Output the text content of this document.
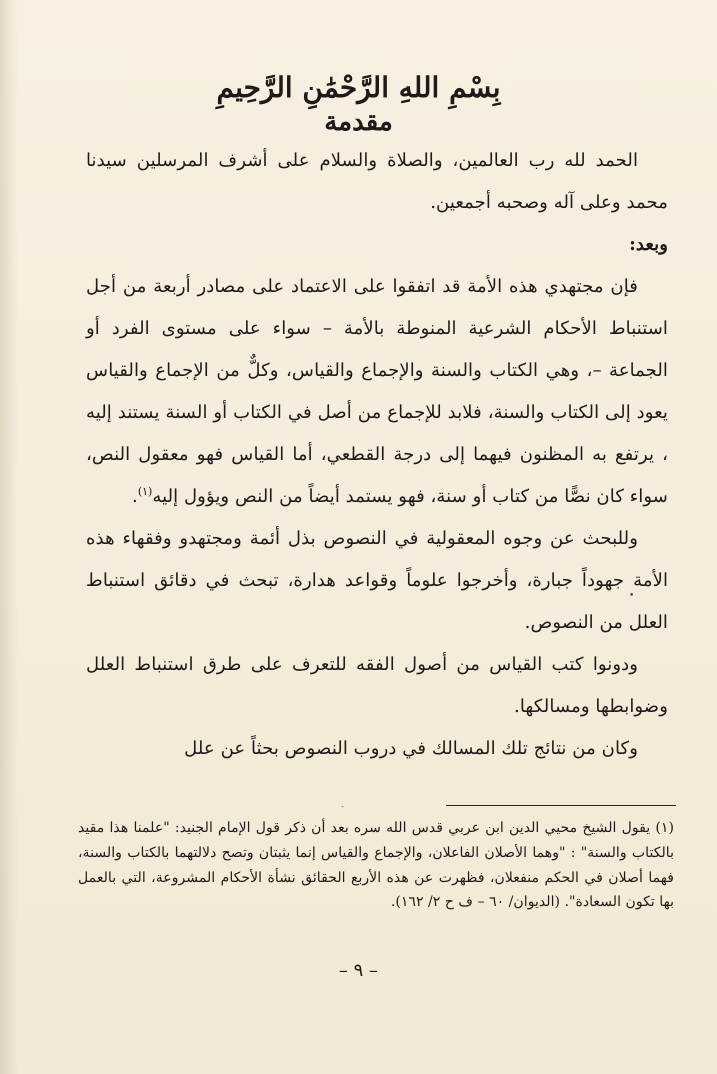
بِسْمِ اللهِ الرَّحْمَٰنِ الرَّحِيمِ
مقدمة

الحمد لله رب العالمين، والصلاة والسلام على أشرف المرسلين سيدنا محمد وعلى آله وصحبه أجمعين.

وبعد:

فإن مجتهدي هذه الأمة قد اتفقوا على الاعتماد على مصادر أربعة من أجل استنباط الأحكام الشرعية المنوطة بالأمة – سواء على مستوى الفرد أو الجماعة –، وهي الكتاب والسنة والإجماع والقياس، وكلٌّ من الإجماع والقياس يعود إلى الكتاب والسنة، فلابد للإجماع من أصل في الكتاب أو السنة يستند إليه ، يرتفع به المظنون فيهما إلى درجة القطعي، أما القياس فهو معقول النص، سواء كان نصًّا من كتاب أو سنة، فهو يستمد أيضاً من النص ويؤول إليه$^{(١)}$.

وللبحث عن وجوه المعقولية في النصوص بذل أئمة ومجتهدو وفقهاء هذه الأمة جهوداً جبارة، وأخرجوا علوماً وقواعد هدارة، تبحث في دقائق استنباط العلل من النصوص.

ودونوا كتب القياس من أصول الفقه للتعرف على طرق استنباط العلل وضوابطها ومسالكها.

وكان من نتائج تلك المسالك في دروب النصوص بحثاً عن علل

•
ˏ

(١) يقول الشيخ محيي الدين ابن عربي قدس الله سره بعد أن ذكر قول الإمام الجنيد: "علمنا هذا مقيد بالكتاب والسنة" : "وهما الأصلان الفاعلان، والإجماع والقياس إنما يثبتان وتصح دلالتهما بالكتاب والسنة، فهما أصلان في الحكم منفعلان، فظهرت عن هذه الأربع الحقائق نشأة الأحكام المشروعة، التي بالعمل بها تكون السعادة". (الديوان/ ٦٠ – ف ح ٢/ ١٦٢).

– ٩ –
